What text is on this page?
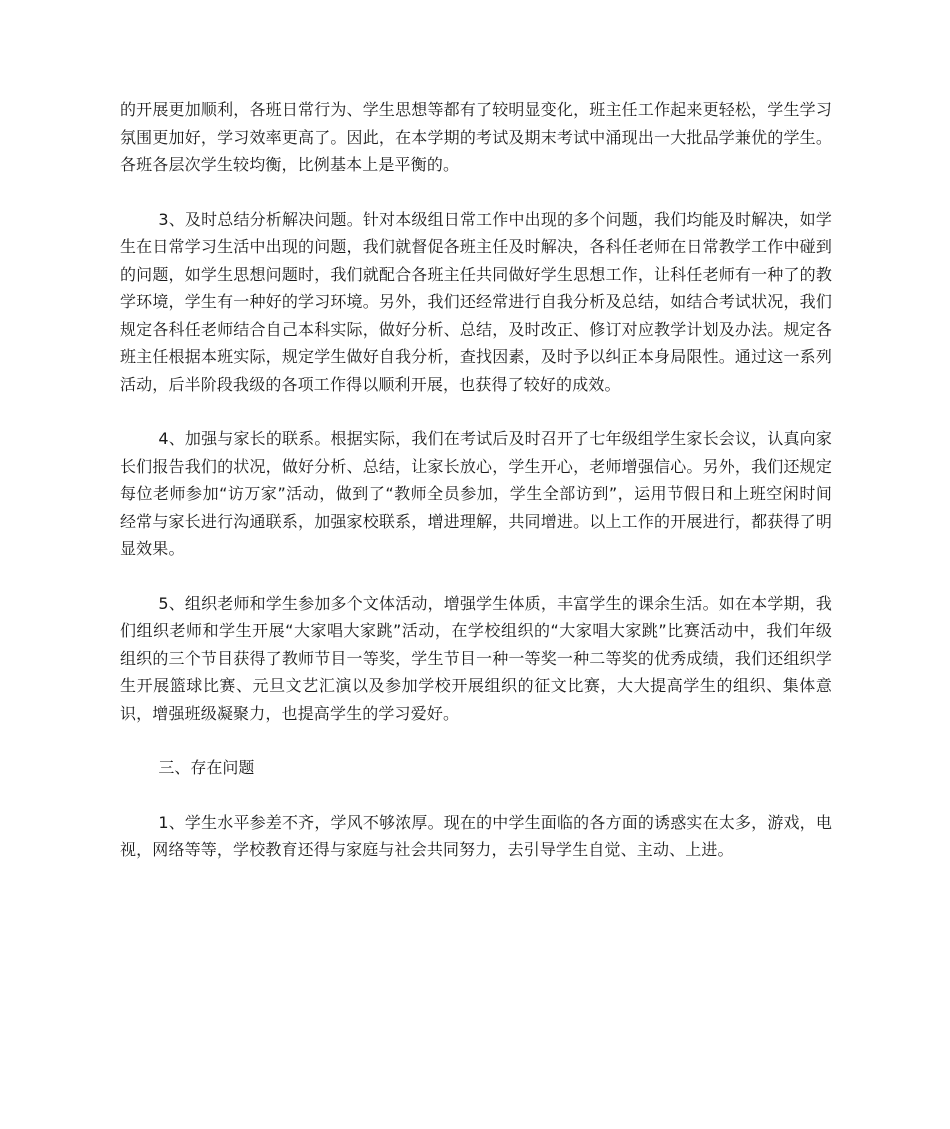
的开展更加顺利，各班日常行为、学生思想等都有了较明显变化，班主任工作起来更轻松，学生学习氛围更加好，学习效率更高了。因此，在本学期的考试及期末考试中涌现出一大批品学兼优的学生。各班各层次学生较均衡，比例基本上是平衡的。

3、及时总结分析解决问题。针对本级组日常工作中出现的多个问题，我们均能及时解决，如学生在日常学习生活中出现的问题，我们就督促各班主任及时解决，各科任老师在日常教学工作中碰到的问题，如学生思想问题时，我们就配合各班主任共同做好学生思想工作，让科任老师有一种了的教学环境，学生有一种好的学习环境。另外，我们还经常进行自我分析及总结，如结合考试状况，我们规定各科任老师结合自己本科实际，做好分析、总结，及时改正、修订对应教学计划及办法。规定各班主任根据本班实际，规定学生做好自我分析，查找因素，及时予以纠正本身局限性。通过这一系列活动，后半阶段我级的各项工作得以顺利开展，也获得了较好的成效。

4、加强与家长的联系。根据实际，我们在考试后及时召开了七年级组学生家长会议，认真向家长们报告我们的状况，做好分析、总结，让家长放心，学生开心，老师增强信心。另外，我们还规定每位老师参加“访万家”活动，做到了“教师全员参加，学生全部访到”，运用节假日和上班空闲时间经常与家长进行沟通联系，加强家校联系，增进理解，共同增进。以上工作的开展进行，都获得了明显效果。

5、组织老师和学生参加多个文体活动，增强学生体质，丰富学生的课余生活。如在本学期，我们组织老师和学生开展“大家唱大家跳”活动，在学校组织的“大家唱大家跳”比赛活动中，我们年级组织的三个节目获得了教师节目一等奖，学生节目一种一等奖一种二等奖的优秀成绩，我们还组织学生开展篮球比赛、元旦文艺汇演以及参加学校开展组织的征文比赛，大大提高学生的组织、集体意识，增强班级凝聚力，也提高学生的学习爱好。

三、存在问题

1、学生水平参差不齐，学风不够浓厚。现在的中学生面临的各方面的诱惑实在太多，游戏，电视，网络等等，学校教育还得与家庭与社会共同努力，去引导学生自觉、主动、上进。
